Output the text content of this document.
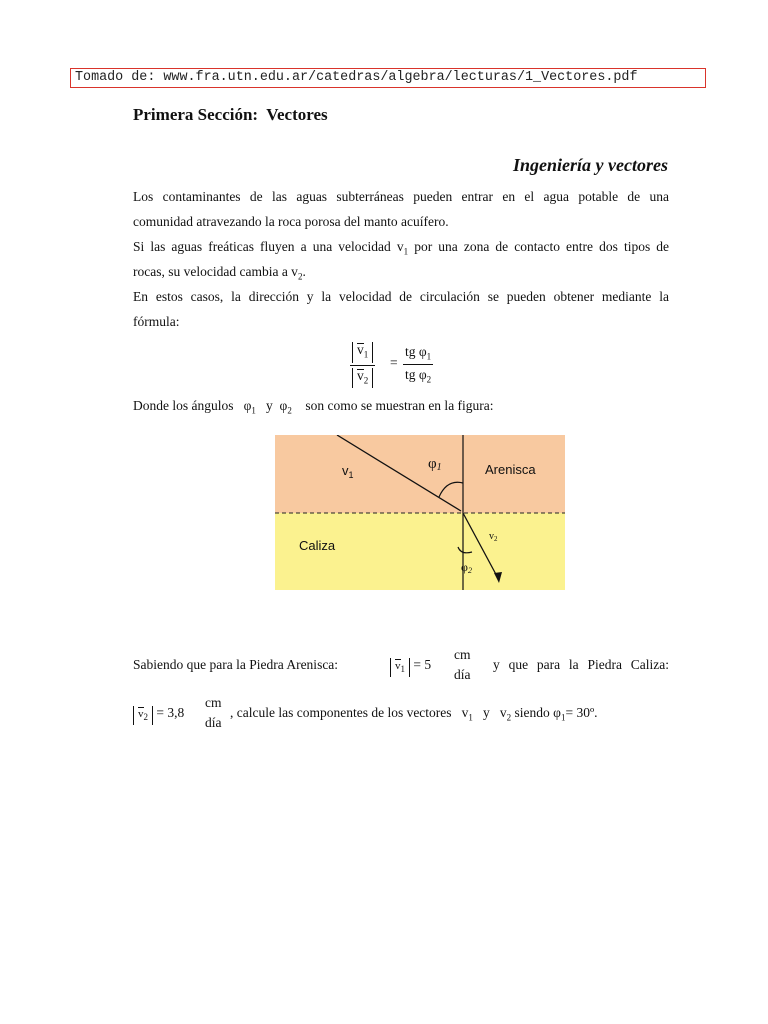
Tomado de: www.fra.utn.edu.ar/catedras/algebra/lecturas/1_Vectores.pdf
Primera Sección:  Vectores
Ingeniería y vectores
Los contaminantes de las aguas subterráneas pueden entrar en el agua potable de una
comunidad atravezando la roca porosa del manto acuífero.
Si las aguas freáticas fluyen a una velocidad $v_1$ por una zona de contacto entre dos tipos de
rocas, su velocidad cambia a $v_2$.
En estos casos, la dirección y la velocidad de circulación se pueden obtener mediante la
fórmula:
$\frac{v_1}{v_2} = \frac{tg \varphi_1}{tg \varphi_2}$
Donde los ángulos $\varphi_1$ y $\varphi_2$ son como se muestran en la figura:
$v_1$
φ1	Arenisca
Caliza
$v_2$
φ2
Sabiendo que para la Piedra Arenisca:	$v_1 = 5$
cm
día
y que para la Piedra Caliza:
$v_2 = 3,8$
cm
día
, calcule las componentes de los vectores $v_1$ y $v_2$ siendo $\varphi_1=$ 30º.
